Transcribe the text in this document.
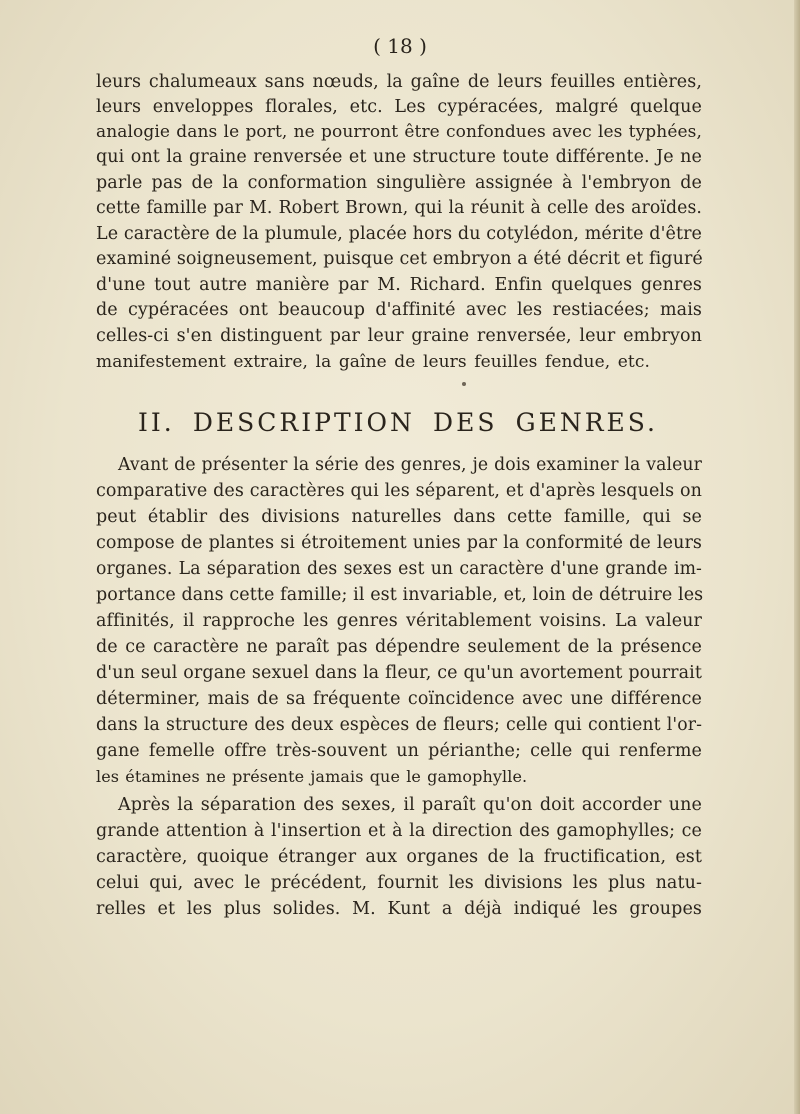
( 18 )
leurs chalumeaux sans nœuds, la gaîne de leurs feuilles entières,
leurs enveloppes florales, etc. Les cypéracées, malgré quelque
analogie dans le port, ne pourront être confondues avec les typhées,
qui ont la graine renversée et une structure toute différente. Je ne
parle pas de la conformation singulière assignée à l'embryon de
cette famille par M. Robert Brown, qui la réunit à celle des aroïdes.
Le caractère de la plumule, placée hors du cotylédon, mérite d'être
examiné soigneusement, puisque cet embryon a été décrit et figuré
d'une tout autre manière par M. Richard. Enfin quelques genres
de cypéracées ont beaucoup d'affinité avec les restiacées; mais
celles-ci s'en distinguent par leur graine renversée, leur embryon
manifestement extraire, la gaîne de leurs feuilles fendue, etc.
II. DESCRIPTION DES GENRES.
Avant de présenter la série des genres, je dois examiner la valeur
comparative des caractères qui les séparent, et d'après lesquels on
peut établir des divisions naturelles dans cette famille, qui se
compose de plantes si étroitement unies par la conformité de leurs
organes. La séparation des sexes est un caractère d'une grande im-
portance dans cette famille; il est invariable, et, loin de détruire les
affinités, il rapproche les genres véritablement voisins. La valeur
de ce caractère ne paraît pas dépendre seulement de la présence
d'un seul organe sexuel dans la fleur, ce qu'un avortement pourrait
déterminer, mais de sa fréquente coïncidence avec une différence
dans la structure des deux espèces de fleurs; celle qui contient l'or-
gane femelle offre très-souvent un périanthe; celle qui renferme
les étamines ne présente jamais que le gamophylle.
Après la séparation des sexes, il paraît qu'on doit accorder une
grande attention à l'insertion et à la direction des gamophylles; ce
caractère, quoique étranger aux organes de la fructification, est
celui qui, avec le précédent, fournit les divisions les plus natu-
relles et les plus solides. M. Kunt a déjà indiqué les groupes
